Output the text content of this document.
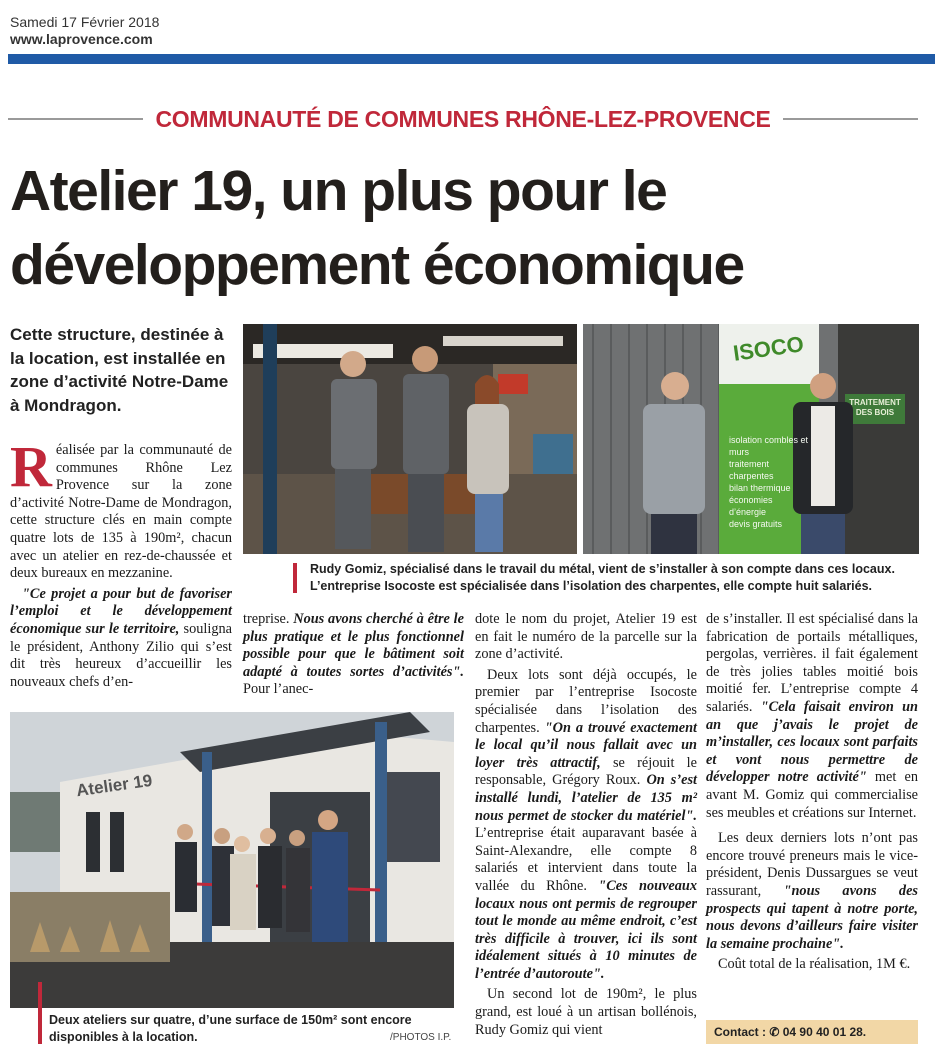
Samedi 17 Février 2018
www.laprovence.com
COMMUNAUTÉ DE COMMUNES RHÔNE-LEZ-PROVENCE
Atelier 19, un plus pour le
développement économique
Cette structure, destinée à la location, est installée en zone d’activité Notre-Dame à Mondragon.
ISOCO
isolation combles et murs
traitement charpentes
bilan thermique
économies d’énergie
devis gratuits
TRAITEMENT DES BOIS
Rudy Gomiz, spécialisé dans le travail du métal, vient de s’installer à son compte dans ces locaux.
L’entreprise Isocoste est spécialisée dans l’isolation des charpentes, elle compte huit salariés.

Réalisée par la communauté de communes Rhône Lez Provence sur la zone d’activité Notre-Dame de Mondragon, cette structure clés en main compte quatre lots de 135 à 190m², chacun avec un atelier en rez-de-chaussée et deux bureaux en mezzanine.

"Ce projet a pour but de favoriser l’emploi et le développement économique sur le territoire, souligna le président, Anthony Zilio qui s’est dit très heureux d’accueillir les nouveaux chefs d’en-

treprise. Nous avons cherché à être le plus pratique et le plus fonctionnel possible pour que le bâtiment soit adapté à toutes sortes d’activités". Pour l’anec-

dote le nom du projet, Atelier 19 est en fait le numéro de la parcelle sur la zone d’activité.

Deux lots sont déjà occupés, le premier par l’entreprise Isocoste spécialisée dans l’isolation des charpentes. "On a trouvé exactement le local qu’il nous fallait avec un loyer très attractif, se réjouit le responsable, Grégory Roux. On s’est installé lundi, l’atelier de 135 m² nous permet de stocker du matériel". L’entreprise était auparavant basée à Saint-Alexandre, elle compte 8 salariés et intervient dans toute la vallée du Rhône. "Ces nouveaux locaux nous ont permis de regrouper tout le monde au même endroit, c’est très difficile à trouver, ici ils sont idéalement situés à 10 minutes de l’entrée d’autoroute".

Un second lot de 190m², le plus grand, est loué à un artisan bollénois, Rudy Gomiz qui vient

de s’installer. Il est spécialisé dans la fabrication de portails métalliques, pergolas, verrières. il fait également de très jolies tables moitié bois moitié fer. L’entreprise compte 4 salariés. "Cela faisait environ un an que j’avais le projet de m’installer, ces locaux sont parfaits et vont nous permettre de développer notre activité" met en avant M. Gomiz qui commercialise ses meubles et créations sur Internet.

Les deux derniers lots n’ont pas encore trouvé preneurs mais le vice-président, Denis Dussargues se veut rassurant, "nous avons des prospects qui tapent à notre porte, nous devons d’ailleurs faire visiter la semaine prochaine".

Coût total de la réalisation, 1M €.

Atelier 19
Deux ateliers sur quatre, d’une surface de 150m² sont encore
disponibles à la location.	/PHOTOS I.P.	Contact : ✆ 04 90 40 01 28.
